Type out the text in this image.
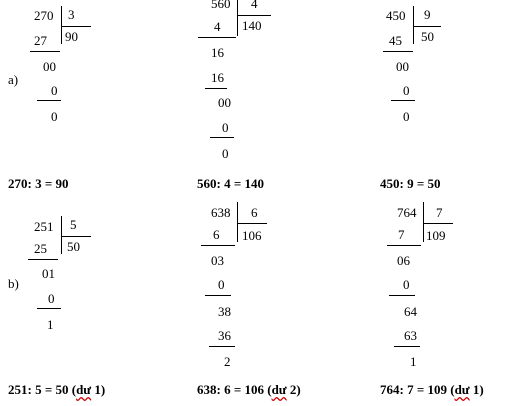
a)
b)
270 3
90
27
00
0
0
560 4
140
4
16
16
00
0
0
450 9
50
45
00
0
0
270: 3 = 90	560: 4 = 140	450: 9 = 50
251 5
50
25
01
0
1
638 6
106
6
03
0
38
36
2
764 7
109
7
06
0
64
63
1
251: 5 = 50 (dư 1)	638: 6 = 106 (dư 2)	764: 7 = 109 (dư 1)
